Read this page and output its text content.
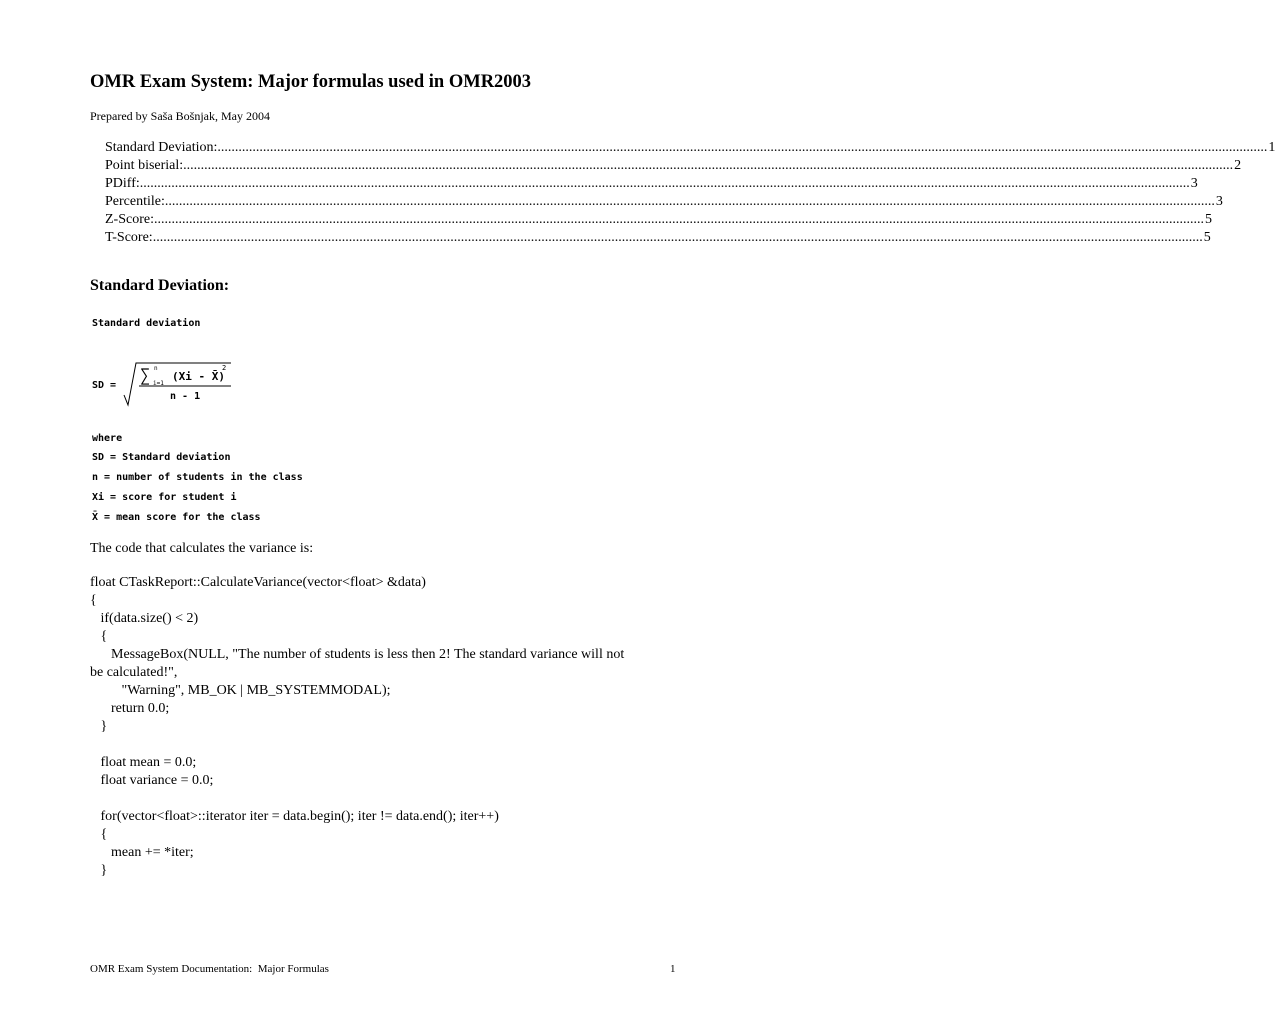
OMR Exam System: Major formulas used in OMR2003
Prepared by Saša Bošnjak, May 2004
Standard Deviation: ............................................................................................................................................................................................................................................................................................................ 1
Point biserial: ............................................................................................................................................................................................................................................................................................................ 2
PDiff: ............................................................................................................................................................................................................................................................................................................ 3
Percentile: ............................................................................................................................................................................................................................................................................................................ 3
Z-Score: ............................................................................................................................................................................................................................................................................................................ 5
T-Score: ............................................................................................................................................................................................................................................................................................................ 5
Standard Deviation:
Standard deviation
SD = ∑ n
i=1
(Xi - X̄)
2
n - 1
where
SD = Standard deviation
n = number of students in the class
Xi = score for student i
X̄ = mean score for the class
The code that calculates the variance is:
float CTaskReport::CalculateVariance(vector<float> &data)
{
if(data.size() < 2)
{
MessageBox(NULL, "The number of students is less then 2! The standard variance will not
be calculated!",
"Warning", MB_OK | MB_SYSTEMMODAL);
return 0.0;
}
float mean = 0.0;
float variance = 0.0;
for(vector<float>::iterator iter = data.begin(); iter != data.end(); iter++)
{
mean += *iter;
}
OMR Exam System Documentation:  Major Formulas	1
